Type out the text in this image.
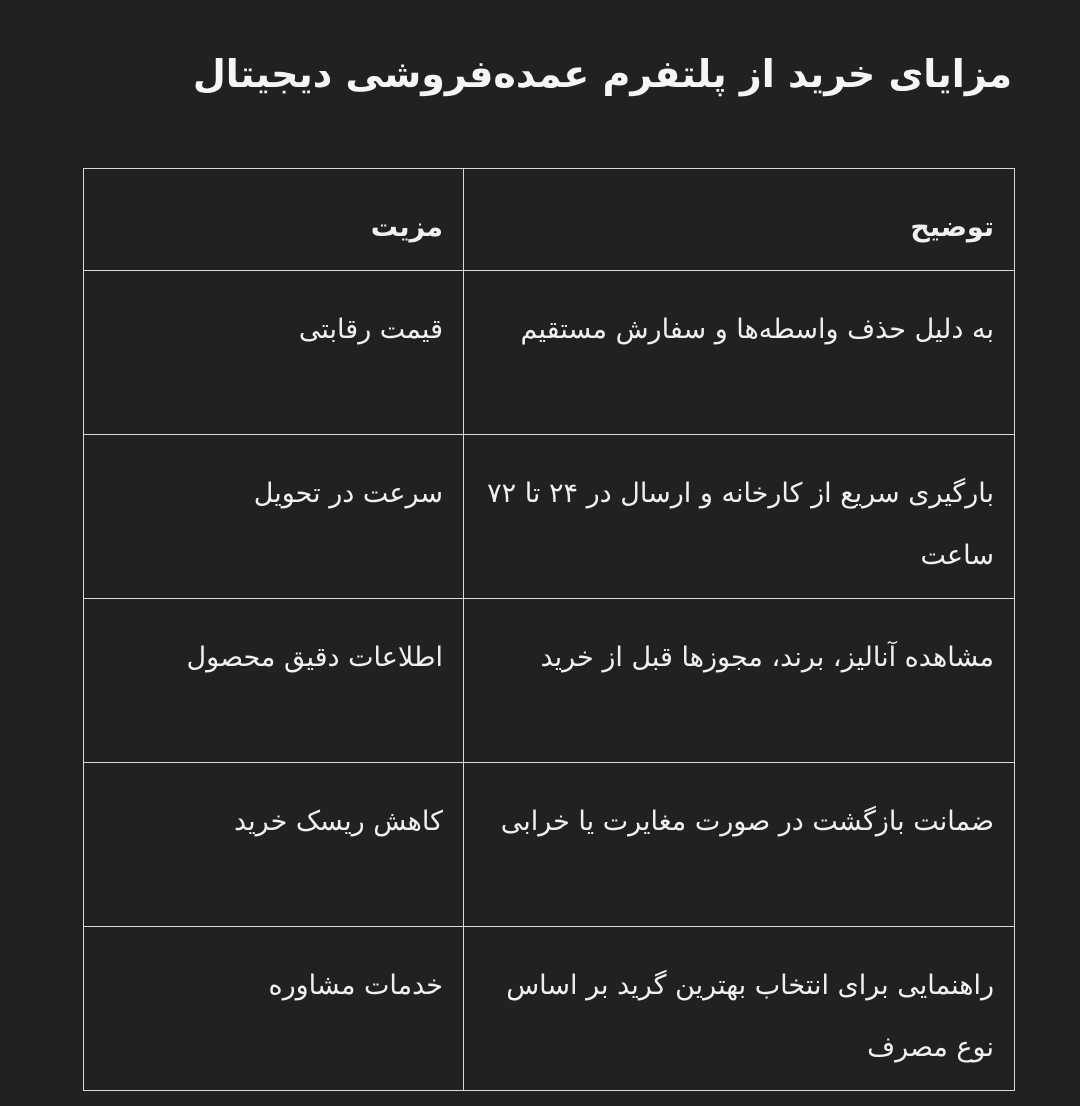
مزایای خرید از پلتفرم عمده‌فروشی دیجیتال
توضیح	مزیت
به دلیل حذف واسطه‌ها و سفارش مستقیم	قیمت رقابتی
بارگیری سریع از کارخانه و ارسال در ۲۴ تا ۷۲ ساعت	سرعت در تحویل
مشاهده آنالیز، برند، مجوزها قبل از خرید	اطلاعات دقیق محصول
ضمانت بازگشت در صورت مغایرت یا خرابی	کاهش ریسک خرید
راهنمایی برای انتخاب بهترین گرید بر اساس نوع مصرف	خدمات مشاوره
